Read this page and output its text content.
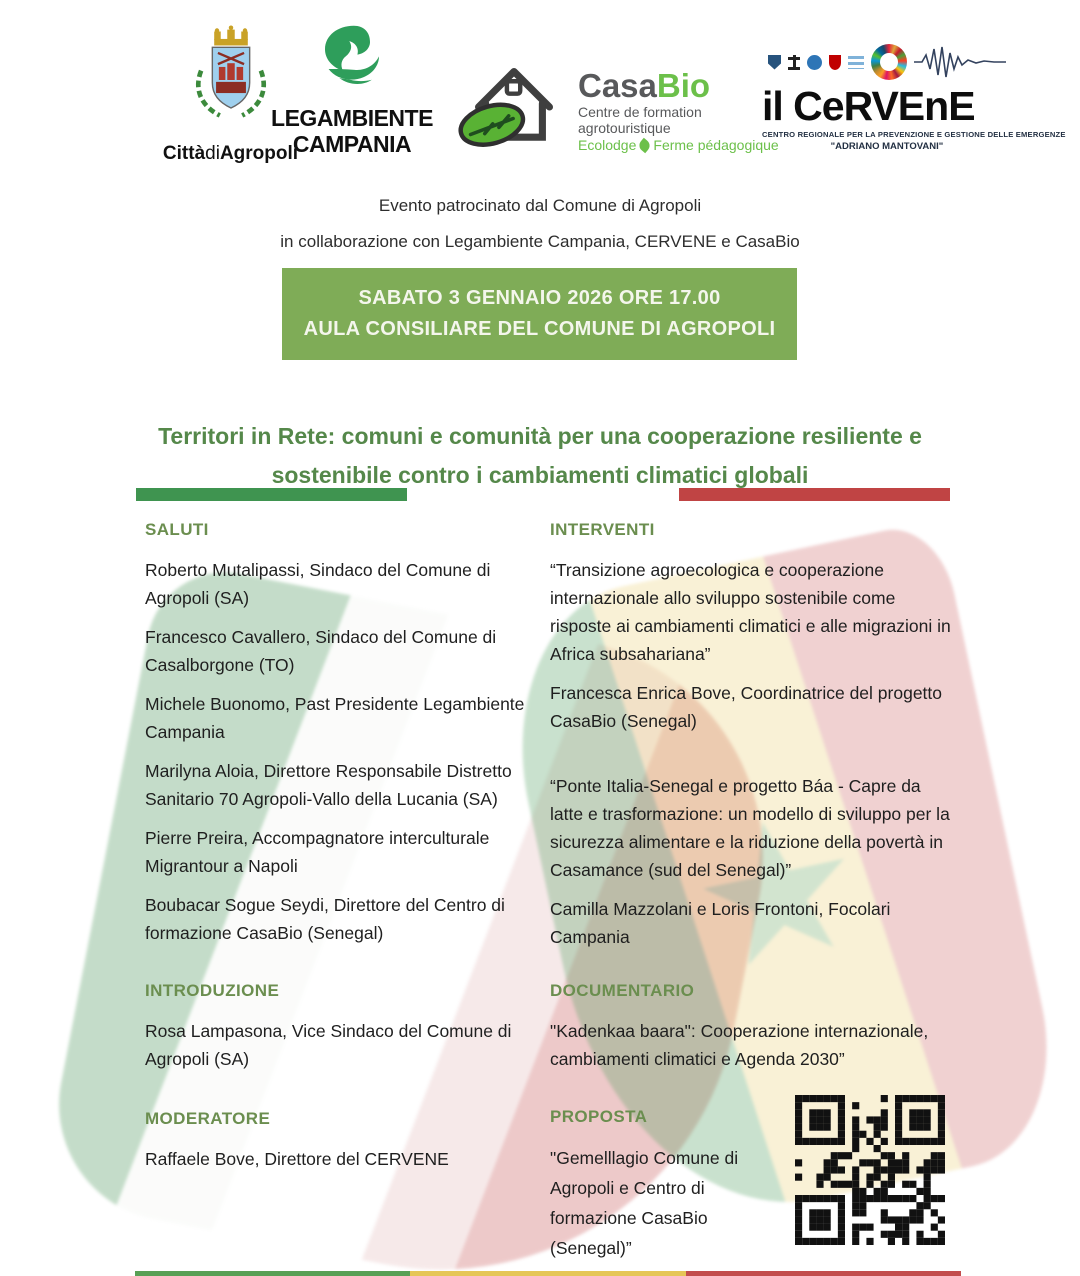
CittàdiAgropoli
LEGAMBIENTE
CAMPANIA
CasaBio
Centre de formation agrotouristique
Ecolodge Ferme pédagogique
il CeRVEnE
CENTRO REGIONALE PER LA PREVENZIONE E GESTIONE DELLE EMERGENZE
"ADRIANO MANTOVANI"
Evento patrocinato dal Comune di Agropoli
in collaborazione con Legambiente Campania, CERVENE e CasaBio
SABATO 3 GENNAIO 2026 ORE 17.00
AULA CONSILIARE DEL COMUNE DI AGROPOLI
Territori in Rete: comuni e comunità per una cooperazione resiliente e sostenibile contro i cambiamenti climatici globali
SALUTI

Roberto Mutalipassi, Sindaco del Comune di Agropoli (SA)

Francesco Cavallero, Sindaco del Comune di Casalborgone (TO)

Michele Buonomo, Past Presidente Legambiente Campania

Marilyna Aloia, Direttore Responsabile Distretto Sanitario 70 Agropoli-Vallo della Lucania (SA)

Pierre Preira, Accompagnatore interculturale Migrantour a Napoli

Boubacar Sogue Seydi, Direttore del Centro di formazione CasaBio (Senegal)

INTRODUZIONE

Rosa Lampasona, Vice Sindaco del Comune di Agropoli (SA)

MODERATORE

Raffaele Bove, Direttore del CERVENE

INTERVENTI

“Transizione agroecologica e cooperazione internazionale allo sviluppo sostenibile come risposte ai cambiamenti climatici e alle migrazioni in Africa subsahariana”

Francesca Enrica Bove, Coordinatrice del progetto CasaBio (Senegal)

“Ponte Italia-Senegal e progetto Báa - Capre da latte e trasformazione: un modello di sviluppo per la sicurezza alimentare e la riduzione della povertà in Casamance (sud del Senegal)”

Camilla Mazzolani e Loris Frontoni, Focolari Campania

DOCUMENTARIO

"Kadenkaa baara": Cooperazione internazionale, cambiamenti climatici e Agenda 2030”

PROPOSTA

"Gemelllagio Comune di Agropoli e Centro di formazione CasaBio (Senegal)”
